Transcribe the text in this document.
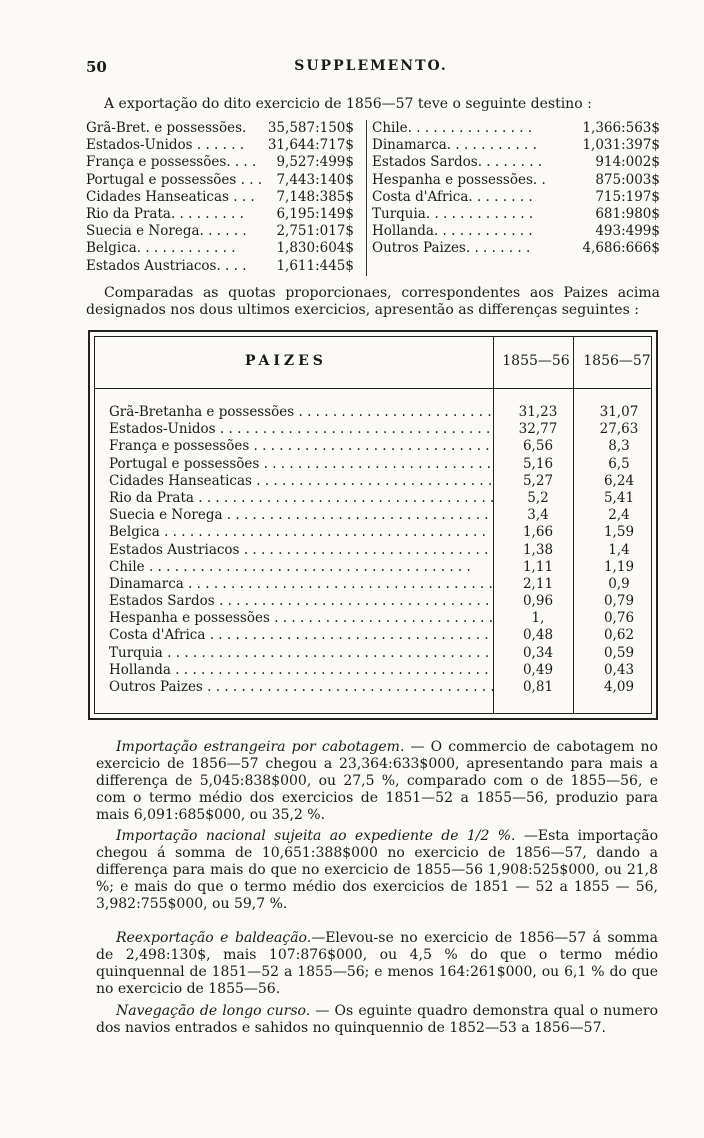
50	SUPPLEMENTO.
A exportação do dito exercicio de 1856—57 teve o seguinte destino :
Grã-Bret. e possessões. 35,587:150$
Estados-Unidos . . . . . . 31,644:717$
França e possessões. . . . 9,527:499$
Portugal e possessões . . . 7,443:140$
Cidades Hanseaticas . . . 7,148:385$
Rio da Prata. . . . . . . . . 6,195:149$
Suecia e Norega. . . . . . 2,751:017$
Belgica. . . . . . . . . . . .	1,830:604$
Estados Austriacos. . . . 1,611:445$
Chile. . . . . . . . . . . . . . .	1,366:563$
Dinamarca. . . . . . . . . . .	1,031:397$
Estados Sardos. . . . . . . .	914:002$
Hespanha e possessões. .	875:003$
Costa d'Africa. . . . . . . .	715:197$
Turquia. . . . . . . . . . . . .	681:980$
Hollanda. . . . . . . . . . . .	493:499$
Outros Paizes. . . . . . . .	4,686:666$
Comparadas as quotas proporcionaes, correspondentes aos Paizes acima designados nos dous ultimos exercicios, apresentão as differenças seguintes :
PAIZES	1855—56 1856—57
Grã-Bretanha e possessões . . .	31,23	31,07
Estados-Unidos . . .	32,77	27,63
França e possessões . . .	6,56	8,3
Portugal e possessões . . .	5,16	6,5
Cidades Hanseaticas . . .	5,27	6,24
Rio da Prata . . .	5,2	5,41
Suecia e Norega . . .	3,4	2,4
Belgica . . .	1,66	1,59
Estados Austriacos . . .	1,38	1,4
Chile . . .	1,11	1,19
Dinamarca . . .	2,11	0,9
Estados Sardos . . .	0,96	0,79
Hespanha e possessões . . .	1,	0,76
Costa d'Africa . . .	0,48	0,62
Turquia . . .	0,34	0,59
Hollanda . . .	0,49	0,43
Outros Paizes . . .	0,81	4,09
Importação estrangeira por cabotagem. — O commercio de cabotagem no exercicio de 1856—57 chegou a 23,364:633$000, apresentando para mais a differença de 5,045:838$000, ou 27,5 %, comparado com o de 1855—56, e com o termo médio dos exercicios de 1851—52 a 1855—56, produzio para mais 6,091:685$000, ou 35,2 %.
Importação nacional sujeita ao expediente de 1/2 %. —Esta importação chegou á somma de 10,651:388$000 no exercicio de 1856—57, dando a differença para mais do que no exercicio de 1855—56 1,908:525$000, ou 21,8 %; e mais do que o termo médio dos exercicios de 1851 — 52 a 1855 — 56, 3,982:755$000, ou 59,7 %.
Reexportação e baldeação.—Elevou-se no exercicio de 1856—57 á somma de 2,498:130$, mais 107:876$000, ou 4,5 % do que o termo médio quinquennal de 1851—52 a 1855—56; e menos 164:261$000, ou 6,1 % do que no exercicio de 1855—56.
Navegação de longo curso. — Os eguinte quadro demonstra qual o numero dos navios entrados e sahidos no quinquennio de 1852—53 a 1856—57.
